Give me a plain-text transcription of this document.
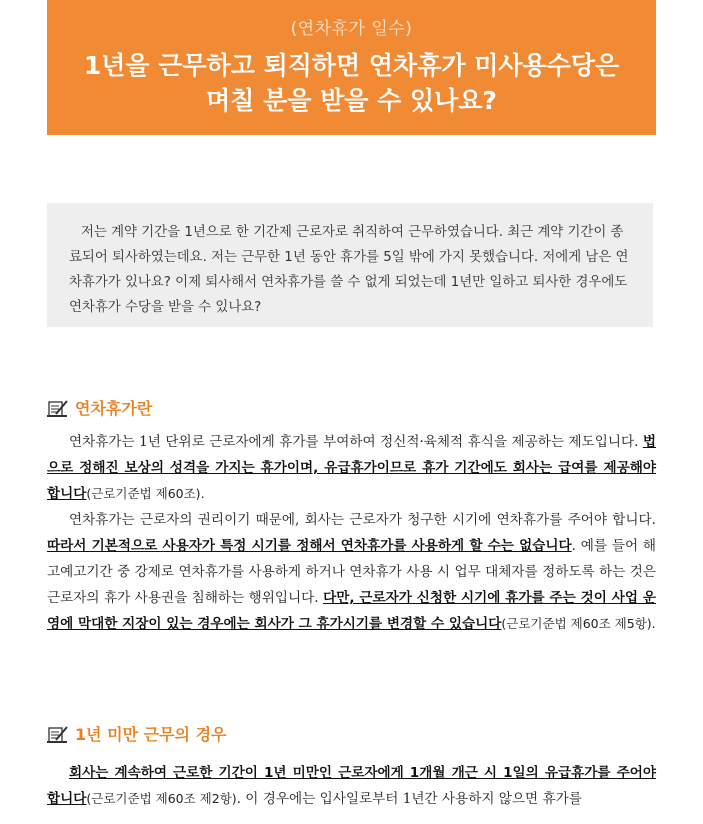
(연차휴가 일수)
1년을 근무하고 퇴직하면 연차휴가 미사용수당은
며칠 분을 받을 수 있나요?
저는 계약 기간을 1년으로 한 기간제 근로자로 취직하여 근무하였습니다. 최근 계약 기간이 종료되어 퇴사하였는데요. 저는 근무한 1년 동안 휴가를 5일 밖에 가지 못했습니다. 저에게 남은 연차휴가가 있나요? 이제 퇴사해서 연차휴가를 쓸 수 없게 되었는데 1년만 일하고 퇴사한 경우에도 연차휴가 수당을 받을 수 있나요?
연차휴가란

연차휴가는 1년 단위로 근로자에게 휴가를 부여하여 정신적·육체적 휴식을 제공하는 제도입니다. 법으로 정해진 보상의 성격을 가지는 휴가이며, 유급휴가이므로 휴가 기간에도 회사는 급여를 제공해야 합니다(근로기준법 제60조).

연차휴가는 근로자의 권리이기 때문에, 회사는 근로자가 청구한 시기에 연차휴가를 주어야 합니다. 따라서 기본적으로 사용자가 특정 시기를 정해서 연차휴가를 사용하게 할 수는 없습니다. 예를 들어 해고예고기간 중 강제로 연차휴가를 사용하게 하거나 연차휴가 사용 시 업무 대체자를 정하도록 하는 것은 근로자의 휴가 사용권을 침해하는 행위입니다. 다만, 근로자가 신청한 시기에 휴가를 주는 것이 사업 운영에 막대한 지장이 있는 경우에는 회사가 그 휴가시기를 변경할 수 있습니다(근로기준법 제60조 제5항).

1년 미만 근무의 경우

회사는 계속하여 근로한 기간이 1년 미만인 근로자에게 1개월 개근 시 1일의 유급휴가를 주어야 합니다(근로기준법 제60조 제2항). 이 경우에는 입사일로부터 1년간 사용하지 않으면 휴가를
